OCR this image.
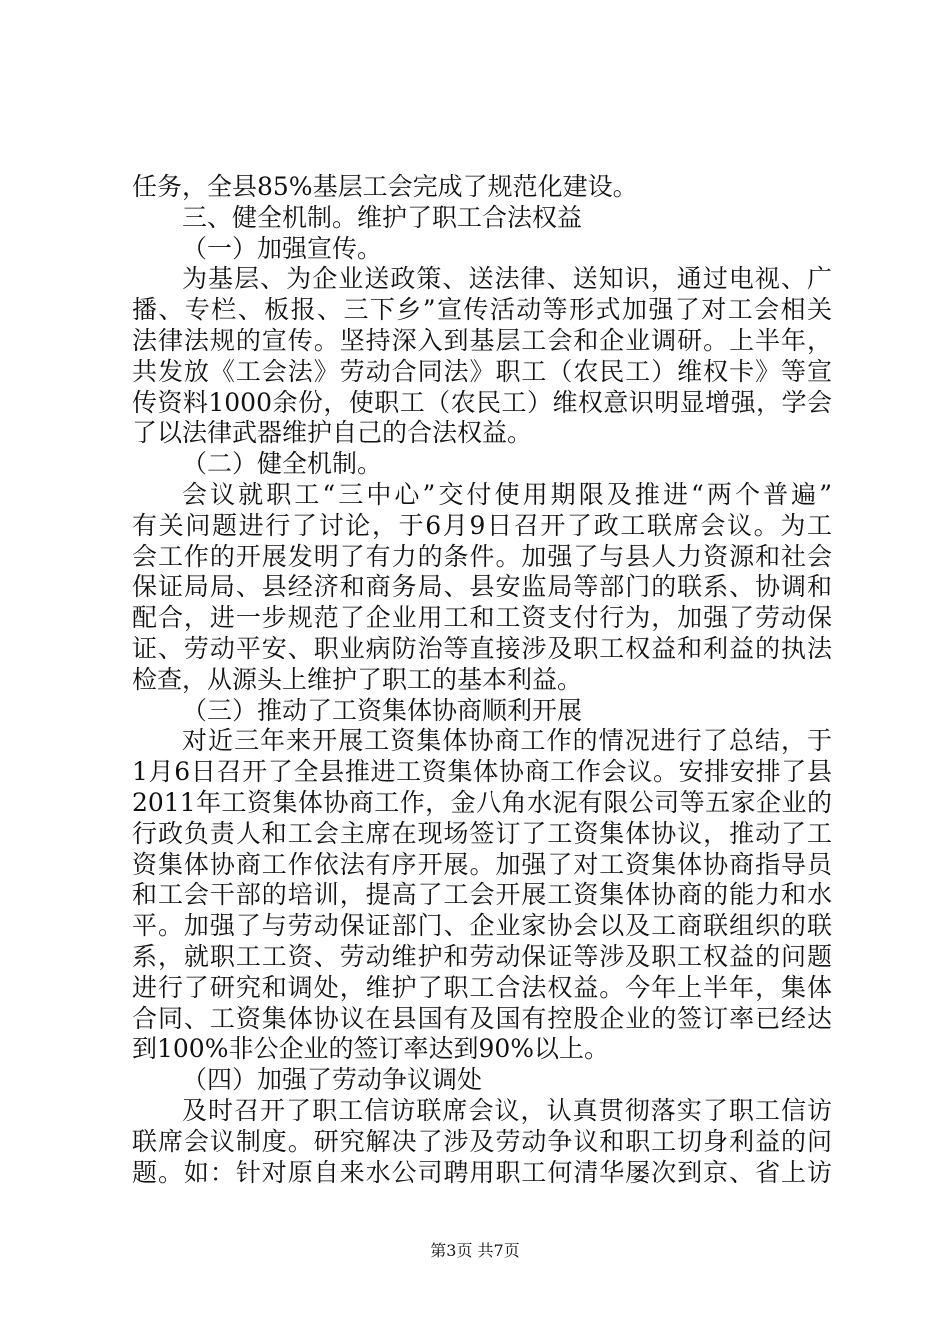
任务，全县85%基层工会完成了规范化建设。
三、健全机制。维护了职工合法权益
（一）加强宣传。
为基层、为企业送政策、送法律、送知识，通过电视、广
播、专栏、板报、三下乡”宣传活动等形式加强了对工会相关
法律法规的宣传。坚持深入到基层工会和企业调研。上半年，
共发放《工会法》劳动合同法》职工（农民工）维权卡》等宣
传资料1000余份，使职工（农民工）维权意识明显增强，学会
了以法律武器维护自己的合法权益。
（二）健全机制。
会议就职工“三中心”交付使用期限及推进“两个普遍”
有关问题进行了讨论，于6月9日召开了政工联席会议。为工
会工作的开展发明了有力的条件。加强了与县人力资源和社会
保证局局、县经济和商务局、县安监局等部门的联系、协调和
配合，进一步规范了企业用工和工资支付行为，加强了劳动保
证、劳动平安、职业病防治等直接涉及职工权益和利益的执法
检查，从源头上维护了职工的基本利益。
（三）推动了工资集体协商顺利开展
对近三年来开展工资集体协商工作的情况进行了总结，于
1月6日召开了全县推进工资集体协商工作会议。安排安排了县
2011年工资集体协商工作，金八角水泥有限公司等五家企业的
行政负责人和工会主席在现场签订了工资集体协议，推动了工
资集体协商工作依法有序开展。加强了对工资集体协商指导员
和工会干部的培训，提高了工会开展工资集体协商的能力和水
平。加强了与劳动保证部门、企业家协会以及工商联组织的联
系，就职工工资、劳动维护和劳动保证等涉及职工权益的问题
进行了研究和调处，维护了职工合法权益。今年上半年，集体
合同、工资集体协议在县国有及国有控股企业的签订率已经达
到100%非公企业的签订率达到90%以上。
（四）加强了劳动争议调处
及时召开了职工信访联席会议，认真贯彻落实了职工信访
联席会议制度。研究解决了涉及劳动争议和职工切身利益的问
题。如：针对原自来水公司聘用职工何清华屡次到京、省上访
第3页 共7页
